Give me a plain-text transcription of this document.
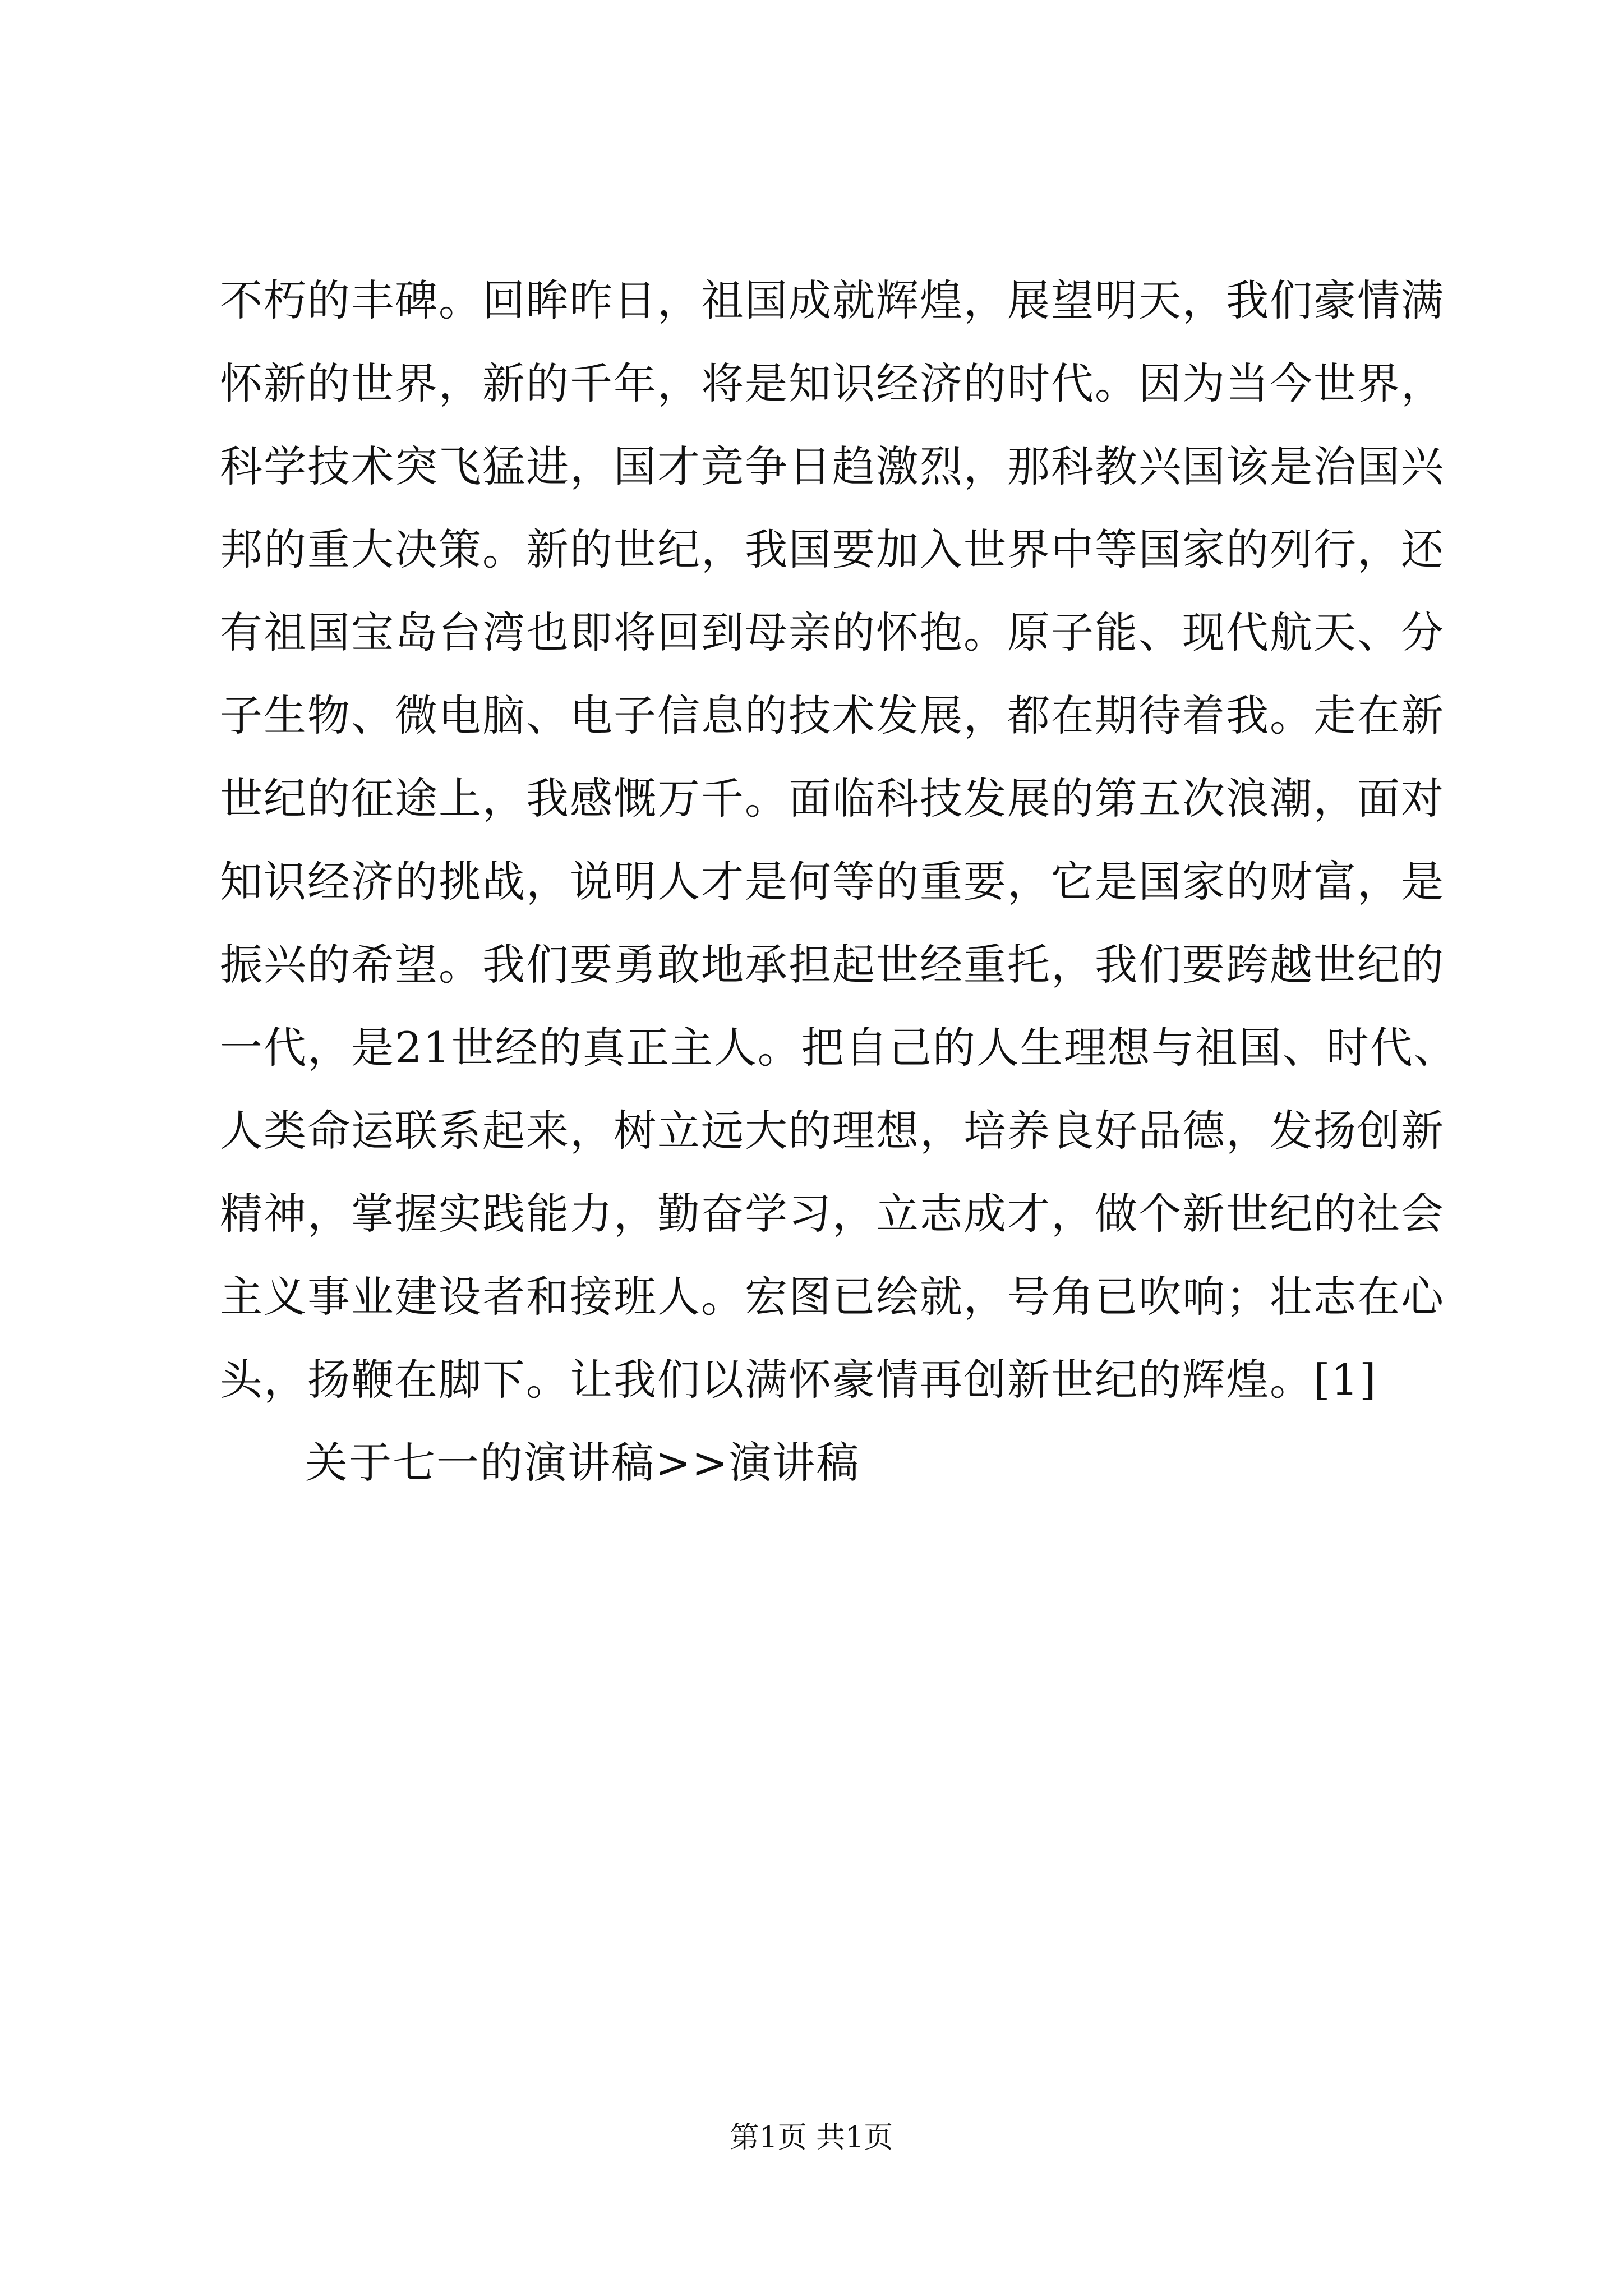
不朽的丰碑。回眸昨日，祖国成就辉煌，展望明天，我们豪情满
怀新的世界，新的千年，将是知识经济的时代。因为当今世界，
科学技术突飞猛进，国才竞争日趋激烈，那科教兴国该是治国兴
邦的重大决策。新的世纪，我国要加入世界中等国家的列行，还
有祖国宝岛台湾也即将回到母亲的怀抱。原子能、现代航天、分
子生物、微电脑、电子信息的技术发展，都在期待着我。走在新
世纪的征途上，我感慨万千。面临科技发展的第五次浪潮，面对
知识经济的挑战，说明人才是何等的重要，它是国家的财富，是
振兴的希望。我们要勇敢地承担起世经重托，我们要跨越世纪的
一代，是21世经的真正主人。把自己的人生理想与祖国、时代、
人类命运联系起来，树立远大的理想，培养良好品德，发扬创新
精神，掌握实践能力，勤奋学习，立志成才，做个新世纪的社会
主义事业建设者和接班人。宏图已绘就，号角已吹响；壮志在心
头，扬鞭在脚下。让我们以满怀豪情再创新世纪的辉煌。[1]
关于七一的演讲稿>>演讲稿
第1页 共1页
